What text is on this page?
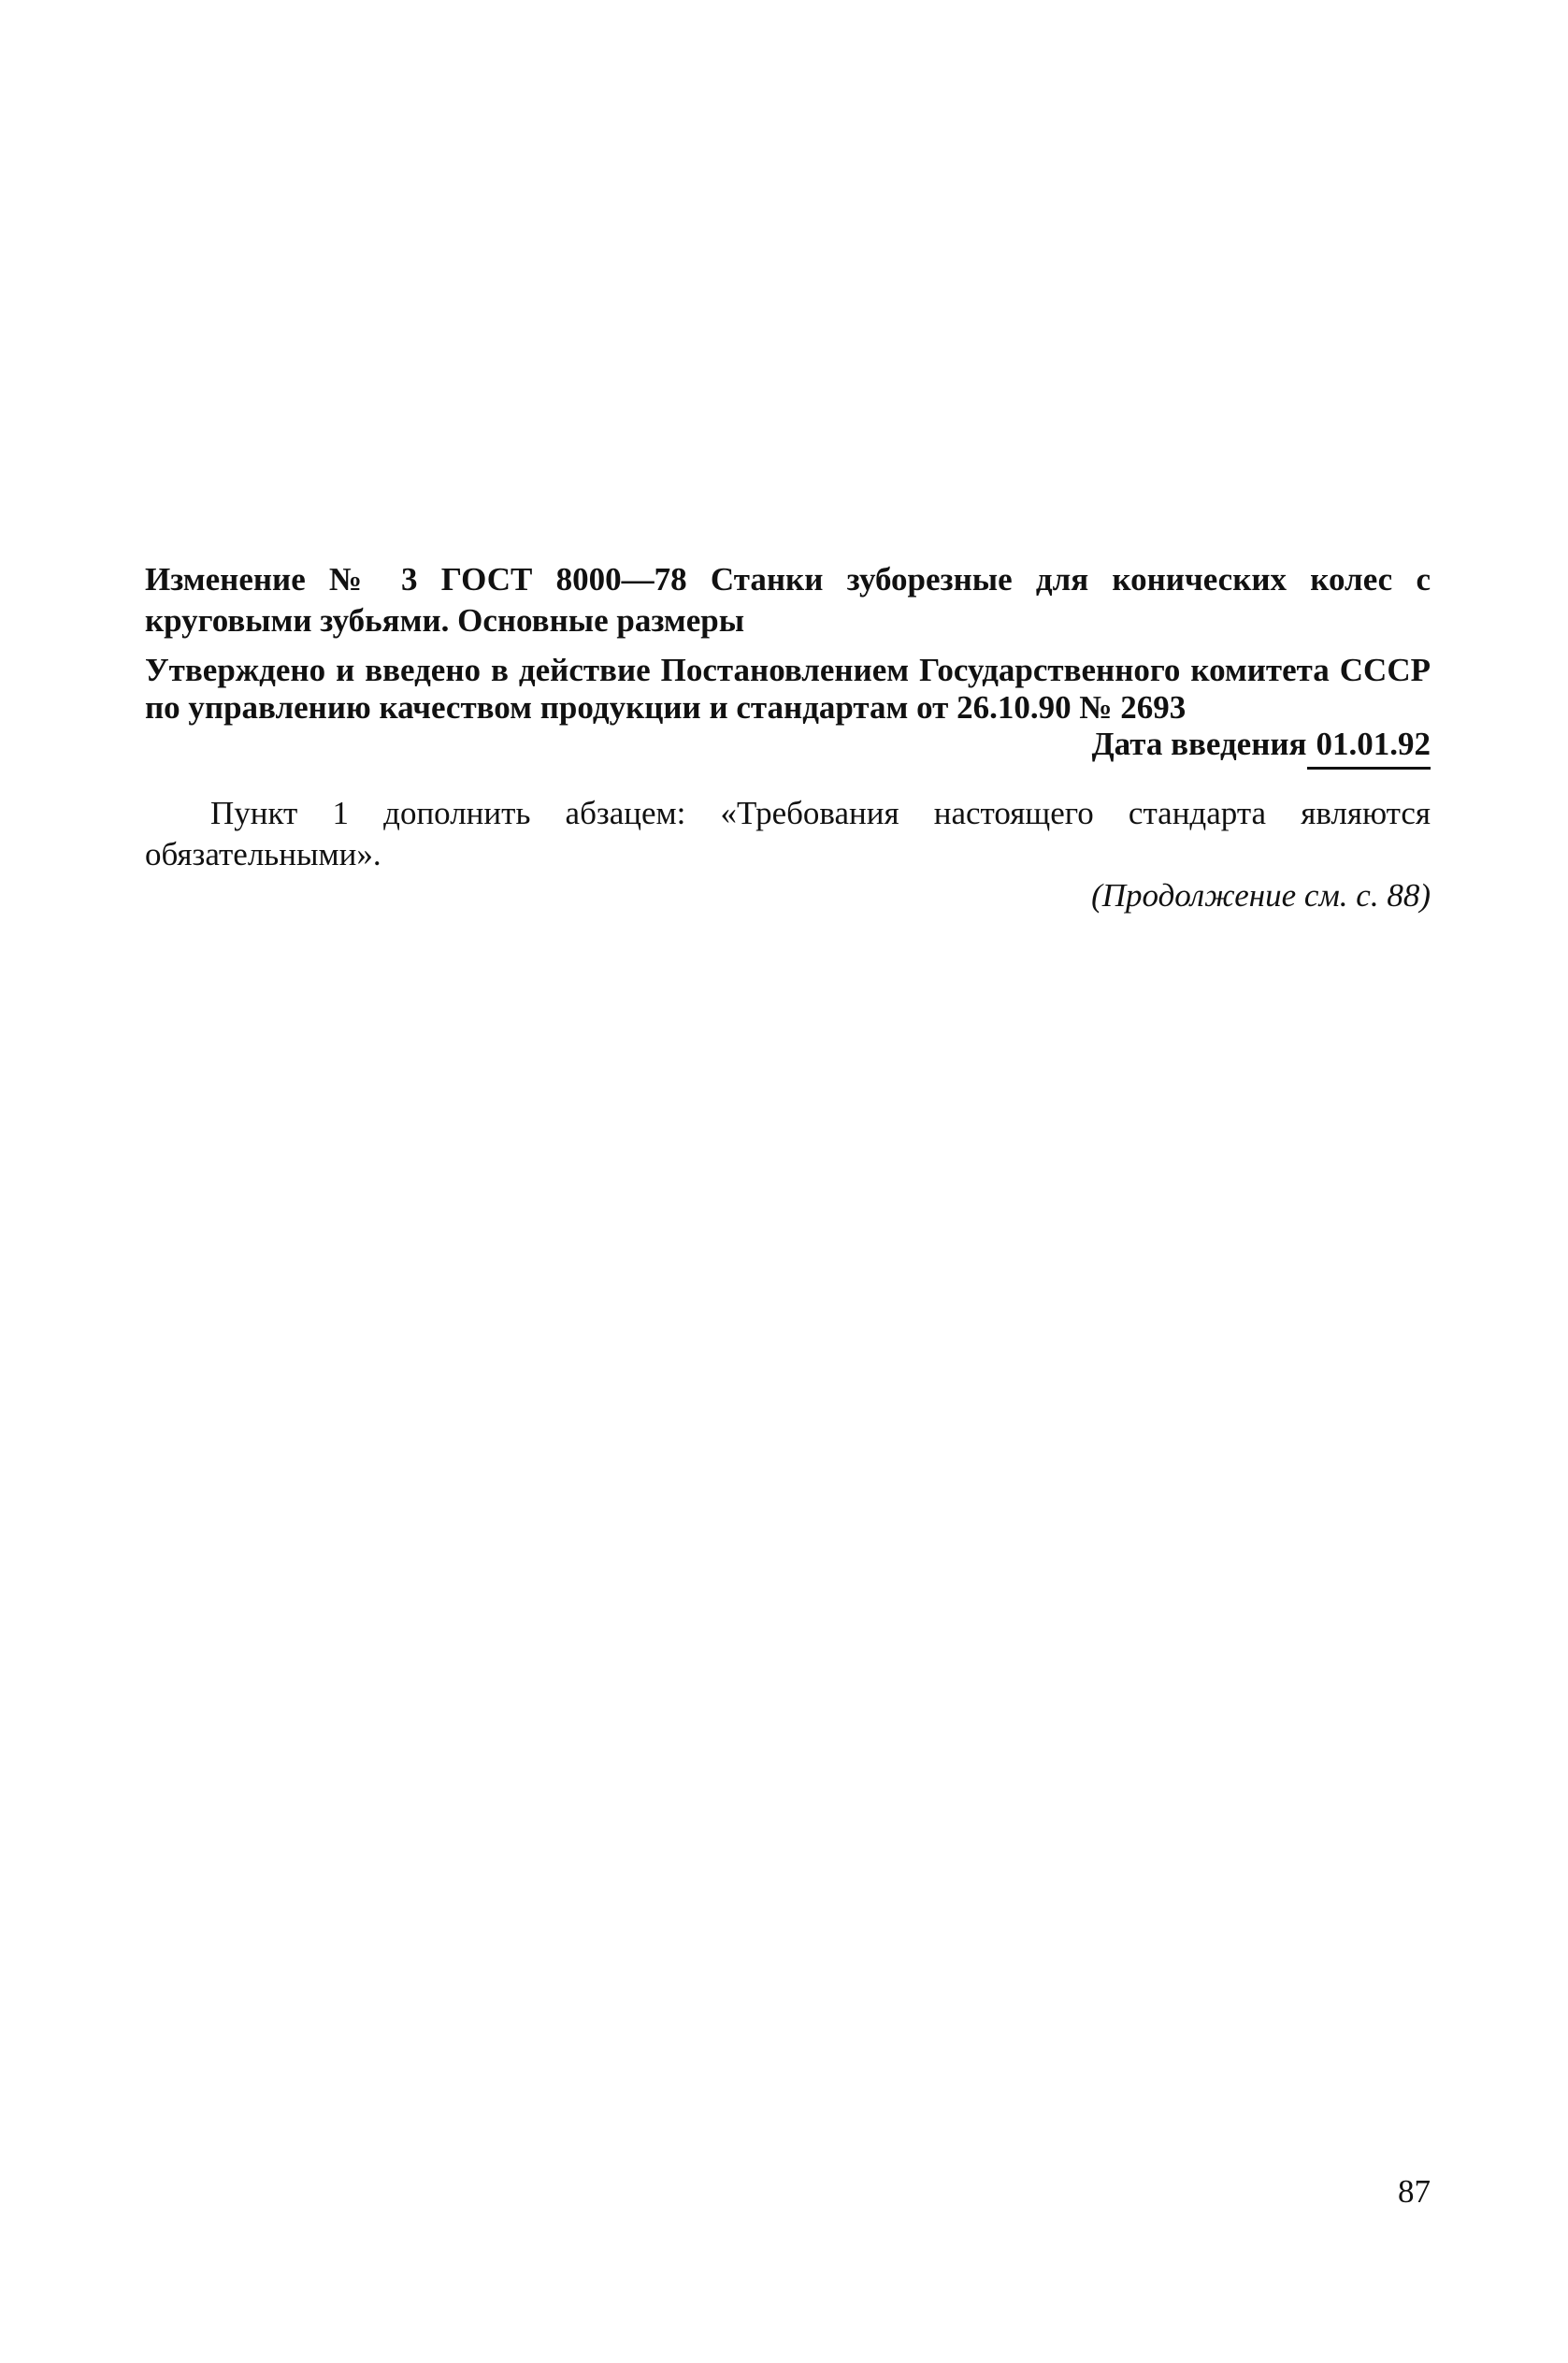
Изменение № 3 ГОСТ 8000—78 Станки зуборезные для конических колес с круговыми зубьями. Основные размеры
Утверждено и введено в действие Постановлением Государственного комитета СССР по управлению качеством продукции и стандартам от 26.10.90 № 2693
Дата введения 01.01.92
Пункт 1 дополнить абзацем: «Требования настоящего стандарта являются обязательными».
(Продолжение см. с. 88)
87
